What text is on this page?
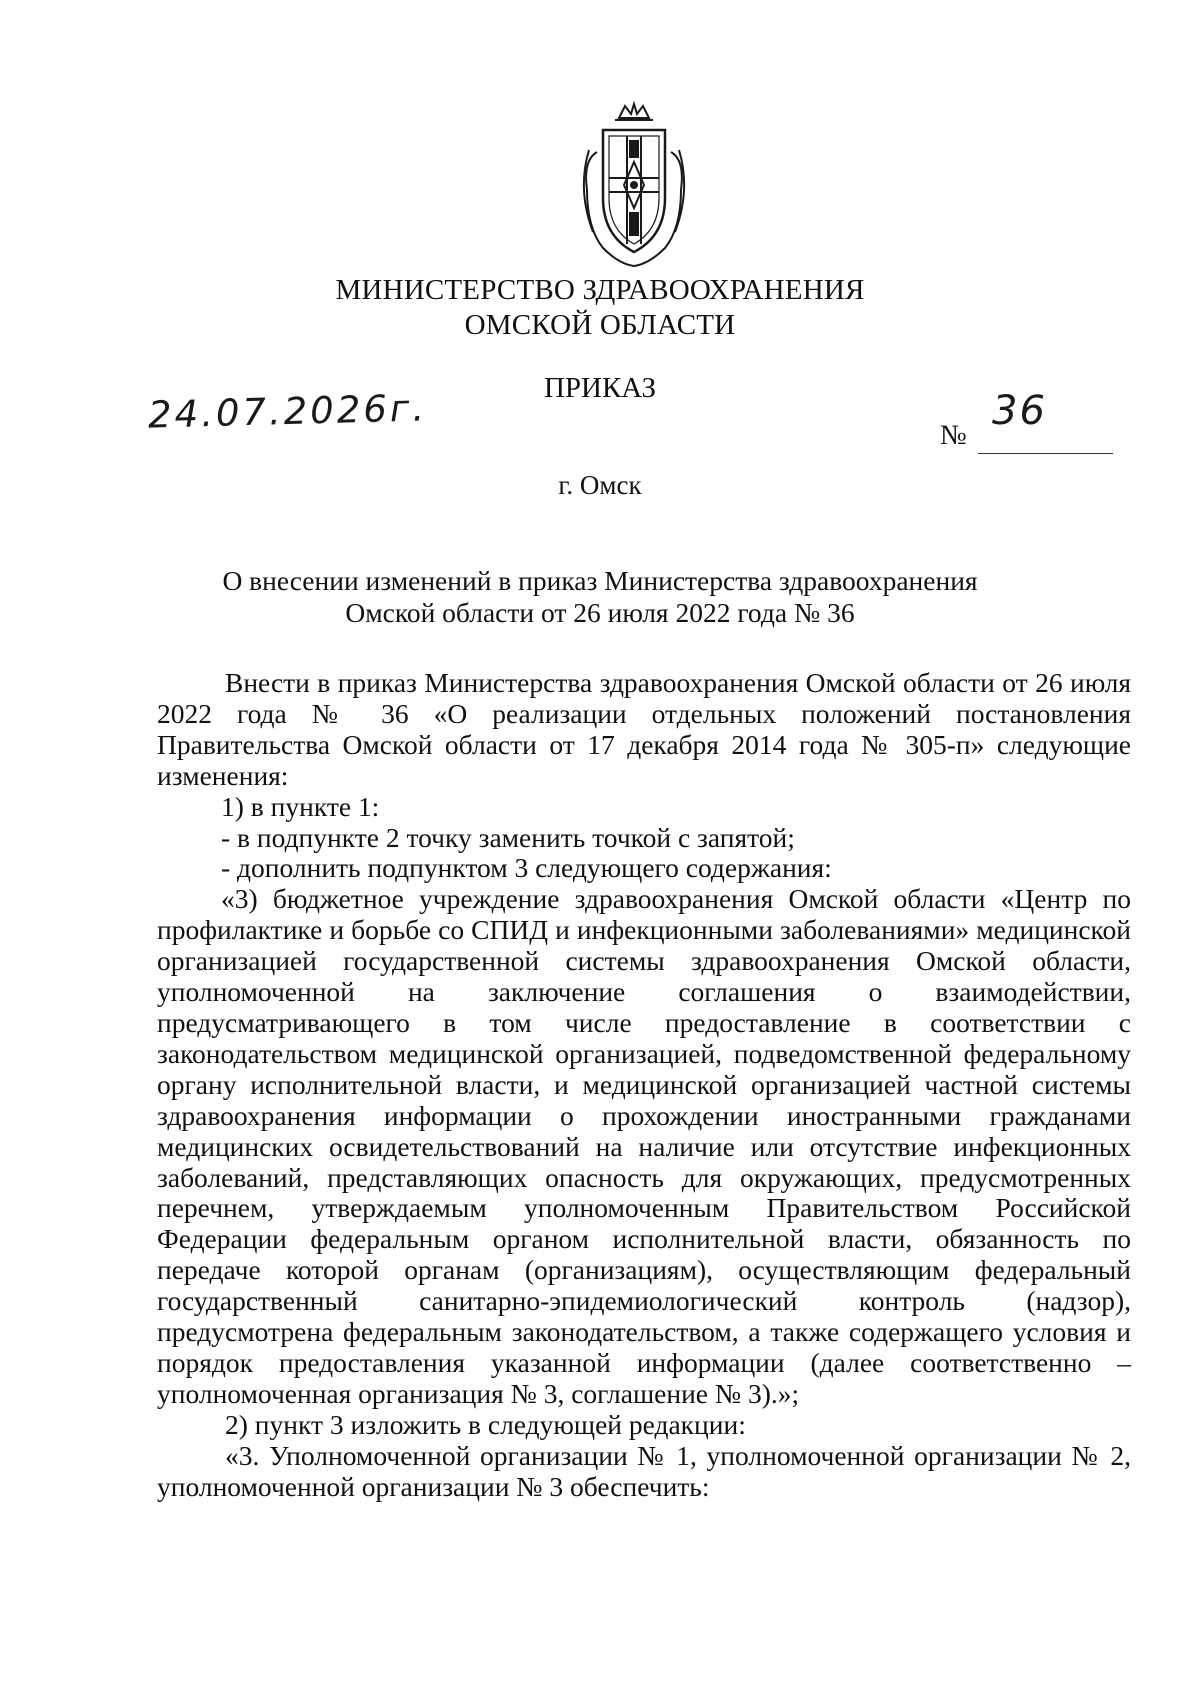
МИНИСТЕРСТВО ЗДРАВООХРАНЕНИЯ
ОМСКОЙ ОБЛАСТИ
ПРИКАЗ
24.07.2026г.	№
36
г. Омск
О внесении изменений в приказ Министерства здравоохранения
Омской области от 26 июля 2022 года № 36

Внести в приказ Министерства здравоохранения Омской области от 26 июля 2022 года № 36 «О реализации отдельных положений постановления Правительства Омской области от 17 декабря 2014 года № 305-п» следующие изменения:

1) в пункте 1:

- в подпункте 2 точку заменить точкой с запятой;

- дополнить подпунктом 3 следующего содержания:

«3) бюджетное учреждение здравоохранения Омской области «Центр по профилактике и борьбе со СПИД и инфекционными заболеваниями» медицинской организацией государственной системы здравоохранения Омской области, уполномоченной на заключение соглашения о взаимодействии, предусматривающего в том числе предоставление в соответствии с законодательством медицинской организацией, подведомственной федеральному органу исполнительной власти, и медицинской организацией частной системы здравоохранения информации о прохождении иностранными гражданами медицинских освидетельствований на наличие или отсутствие инфекционных заболеваний, представляющих опасность для окружающих, предусмотренных перечнем, утверждаемым уполномоченным Правительством Российской Федерации федеральным органом исполнительной власти, обязанность по передаче которой органам (организациям), осуществляющим федеральный государственный санитарно-эпидемиологический контроль (надзор), предусмотрена федеральным законодательством, а также содержащего условия и порядок предоставления указанной информации (далее соответственно – уполномоченная организация № 3, соглашение № 3).»;

2) пункт 3 изложить в следующей редакции:

«3. Уполномоченной организации № 1, уполномоченной организации № 2, уполномоченной организации № 3 обеспечить:
